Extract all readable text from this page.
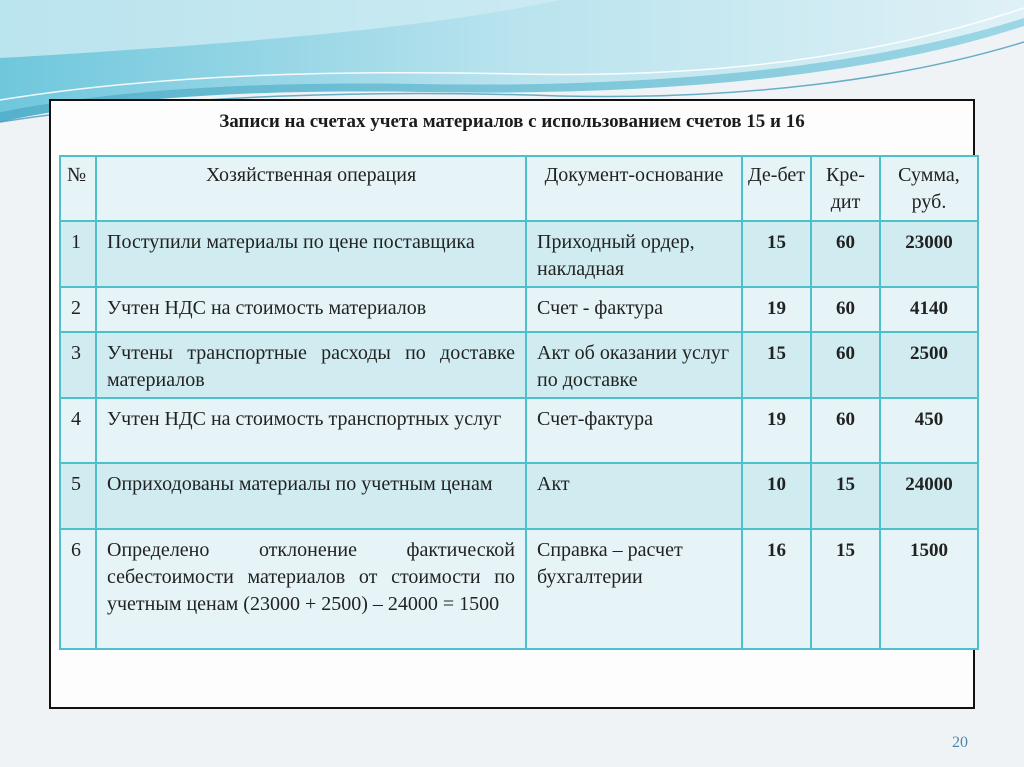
Записи на счетах учета материалов с использованием счетов 15 и 16
№	Хозяйственная операция	Документ-основание	Де-бет	Кре-дит	Сумма, руб.

1	Поступили материалы по цене поставщика	Приходный ордер, накладная	15	60	23000

2	Учтен НДС на стоимость материалов	Счет - фактура	19	60	4140

3	Учтены транспортные расходы по доставке материалов	Акт об оказании услуг по доставке	15	60	2500

4	Учтен НДС на стоимость транспортных услуг	Счет-фактура	19	60	450

5	Оприходованы материалы по учетным ценам	Акт	10	15	24000

6	Определено отклонение фактической себестоимости материалов от стоимости по учетным ценам (23000 + 2500) – 24000 = 1500	Справка – расчет бухгалтерии	16	15	1500
20
